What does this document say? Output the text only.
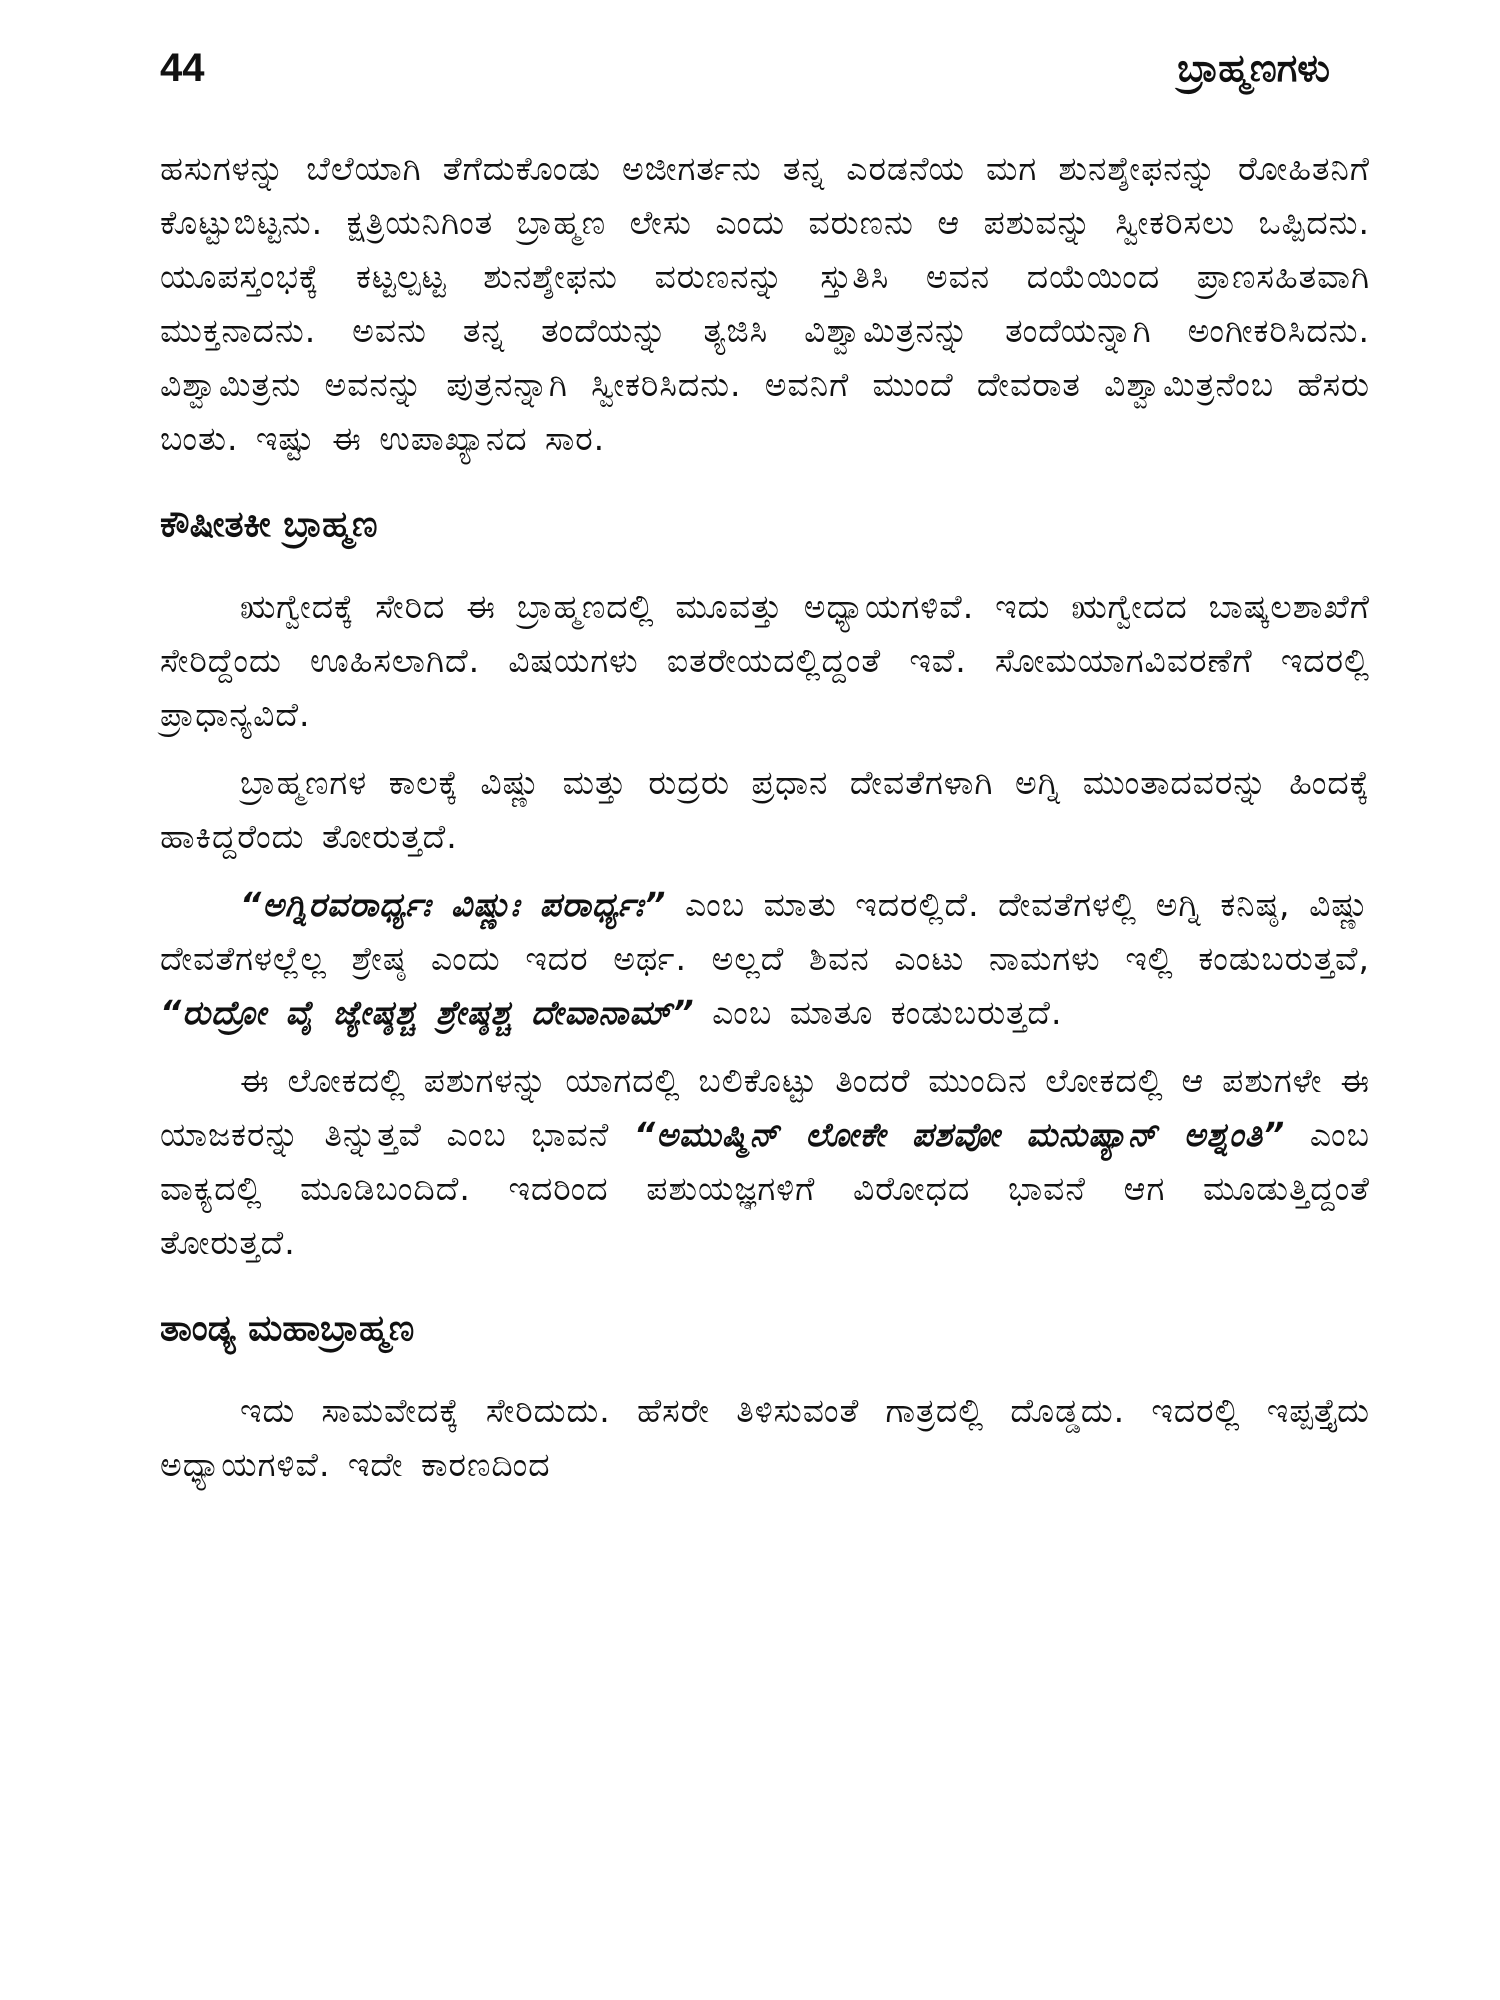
44	ಬ್ರಾಹ್ಮಣಗಳು

ಹಸುಗಳನ್ನು ಬೆಲೆಯಾಗಿ ತೆಗೆದುಕೊಂಡು ಅಜೀಗರ್ತನು ತನ್ನ ಎರಡನೆಯ ಮಗ ಶುನಶ್ಶೇಫನನ್ನು ರೋಹಿತನಿಗೆ ಕೊಟ್ಟುಬಿಟ್ಟನು. ಕ್ಷತ್ರಿಯನಿಗಿಂತ ಬ್ರಾಹ್ಮಣ ಲೇಸು ಎಂದು ವರುಣನು ಆ ಪಶುವನ್ನು ಸ್ವೀಕರಿಸಲು ಒಪ್ಪಿದನು. ಯೂಪಸ್ತಂಭಕ್ಕೆ ಕಟ್ಟಲ್ಪಟ್ಟ ಶುನಶ್ಶೇಫನು ವರುಣನನ್ನು ಸ್ತುತಿಸಿ ಅವನ ದಯೆಯಿಂದ ಪ್ರಾಣಸಹಿತವಾಗಿ ಮುಕ್ತನಾದನು. ಅವನು ತನ್ನ ತಂದೆಯನ್ನು ತ್ಯಜಿಸಿ ವಿಶ್ವಾಮಿತ್ರನನ್ನು ತಂದೆಯನ್ನಾಗಿ ಅಂಗೀಕರಿಸಿದನು. ವಿಶ್ವಾಮಿತ್ರನು ಅವನನ್ನು ಪುತ್ರನನ್ನಾಗಿ ಸ್ವೀಕರಿಸಿದನು. ಅವನಿಗೆ ಮುಂದೆ ದೇವರಾತ ವಿಶ್ವಾಮಿತ್ರನೆಂಬ ಹೆಸರು ಬಂತು. ಇಷ್ಟು ಈ ಉಪಾಖ್ಯಾನದ ಸಾರ.

ಕೌಷೀತಕೀ ಬ್ರಾಹ್ಮಣ

ಋಗ್ವೇದಕ್ಕೆ ಸೇರಿದ ಈ ಬ್ರಾಹ್ಮಣದಲ್ಲಿ ಮೂವತ್ತು ಅಧ್ಯಾಯಗಳಿವೆ. ಇದು ಋಗ್ವೇದದ ಬಾಷ್ಕಲಶಾಖೆಗೆ ಸೇರಿದ್ದೆಂದು ಊಹಿಸಲಾಗಿದೆ. ವಿಷಯಗಳು ಐತರೇಯದಲ್ಲಿದ್ದಂತೆ ಇವೆ. ಸೋಮಯಾಗವಿವರಣೆಗೆ ಇದರಲ್ಲಿ ಪ್ರಾಧಾನ್ಯವಿದೆ.

ಬ್ರಾಹ್ಮಣಗಳ ಕಾಲಕ್ಕೆ ವಿಷ್ಣು ಮತ್ತು ರುದ್ರರು ಪ್ರಧಾನ ದೇವತೆಗಳಾಗಿ ಅಗ್ನಿ ಮುಂತಾದವರನ್ನು ಹಿಂದಕ್ಕೆ ಹಾಕಿದ್ದರೆಂದು ತೋರುತ್ತದೆ.

“ಅಗ್ನಿರವರಾರ್ಧ್ಯಃ ವಿಷ್ಣುಃ ಪರಾರ್ಧ್ಯಃ” ಎಂಬ ಮಾತು ಇದರಲ್ಲಿದೆ. ದೇವತೆಗಳಲ್ಲಿ ಅಗ್ನಿ ಕನಿಷ್ಠ, ವಿಷ್ಣು ದೇವತೆಗಳಲ್ಲೆಲ್ಲ ಶ್ರೇಷ್ಠ ಎಂದು ಇದರ ಅರ್ಥ. ಅಲ್ಲದೆ ಶಿವನ ಎಂಟು ನಾಮಗಳು ಇಲ್ಲಿ ಕಂಡುಬರುತ್ತವೆ, “ರುದ್ರೋ ವೈ ಜ್ಯೇಷ್ಠಶ್ಚ ಶ್ರೇಷ್ಠಶ್ಚ ದೇವಾನಾಮ್” ಎಂಬ ಮಾತೂ ಕಂಡುಬರುತ್ತದೆ.

ಈ ಲೋಕದಲ್ಲಿ ಪಶುಗಳನ್ನು ಯಾಗದಲ್ಲಿ ಬಲಿಕೊಟ್ಟು ತಿಂದರೆ ಮುಂದಿನ ಲೋಕದಲ್ಲಿ ಆ ಪಶುಗಳೇ ಈ ಯಾಜಕರನ್ನು ತಿನ್ನುತ್ತವೆ ಎಂಬ ಭಾವನೆ “ಅಮುಷ್ಮಿನ್ ಲೋಕೇ ಪಶವೋ ಮನುಷ್ಯಾನ್ ಅಶ್ನಂತಿ” ಎಂಬ ವಾಕ್ಯದಲ್ಲಿ ಮೂಡಿಬಂದಿದೆ. ಇದರಿಂದ ಪಶುಯಜ್ಞಗಳಿಗೆ ವಿರೋಧದ ಭಾವನೆ ಆಗ ಮೂಡುತ್ತಿದ್ದಂತೆ ತೋರುತ್ತದೆ.

ತಾಂಡ್ಯ ಮಹಾಬ್ರಾಹ್ಮಣ

ಇದು ಸಾಮವೇದಕ್ಕೆ ಸೇರಿದುದು. ಹೆಸರೇ ತಿಳಿಸುವಂತೆ ಗಾತ್ರದಲ್ಲಿ ದೊಡ್ಡದು. ಇದರಲ್ಲಿ ಇಪ್ಪತ್ತೈದು ಅಧ್ಯಾಯಗಳಿವೆ. ಇದೇ ಕಾರಣದಿಂದ
